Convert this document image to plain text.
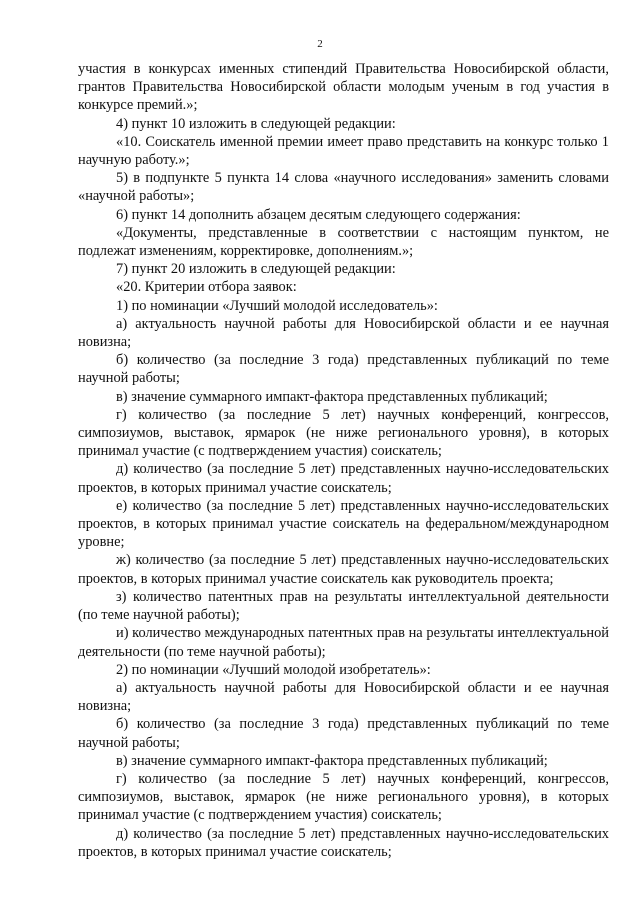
2

участия в конкурсах именных стипендий Правительства Новосибирской области, грантов Правительства Новосибирской области молодым ученым в год участия в конкурсе премий.»;

4) пункт 10 изложить в следующей редакции:

«10. Соискатель именной премии имеет право представить на конкурс только 1 научную работу.»;

5) в подпункте 5 пункта 14 слова «научного исследования» заменить словами «научной работы»;

6) пункт 14 дополнить абзацем десятым следующего содержания:

«Документы, представленные в соответствии с настоящим пунктом, не подлежат изменениям, корректировке, дополнениям.»;

7) пункт 20 изложить в следующей редакции:

«20. Критерии отбора заявок:

1) по номинации «Лучший молодой исследователь»:

а) актуальность научной работы для Новосибирской области и ее научная новизна;

б) количество (за последние 3 года) представленных публикаций по теме научной работы;

в) значение суммарного импакт-фактора представленных публикаций;

г) количество (за последние 5 лет) научных конференций, конгрессов, симпозиумов, выставок, ярмарок (не ниже регионального уровня), в которых принимал участие (с подтверждением участия) соискатель;

д) количество (за последние 5 лет) представленных научно-исследовательских проектов, в которых принимал участие соискатель;

е) количество (за последние 5 лет) представленных научно-исследовательских проектов, в которых принимал участие соискатель на федеральном/международном уровне;

ж) количество (за последние 5 лет) представленных научно-исследовательских проектов, в которых принимал участие соискатель как руководитель проекта;

з) количество патентных прав на результаты интеллектуальной деятельности (по теме научной работы);

и) количество международных патентных прав на результаты интеллектуальной деятельности (по теме научной работы);

2) по номинации «Лучший молодой изобретатель»:

а) актуальность научной работы для Новосибирской области и ее научная новизна;

б) количество (за последние 3 года) представленных публикаций по теме научной работы;

в) значение суммарного импакт-фактора представленных публикаций;

г) количество (за последние 5 лет) научных конференций, конгрессов, симпозиумов, выставок, ярмарок (не ниже регионального уровня), в которых принимал участие (с подтверждением участия) соискатель;

д) количество (за последние 5 лет) представленных научно-исследовательских проектов, в которых принимал участие соискатель;
